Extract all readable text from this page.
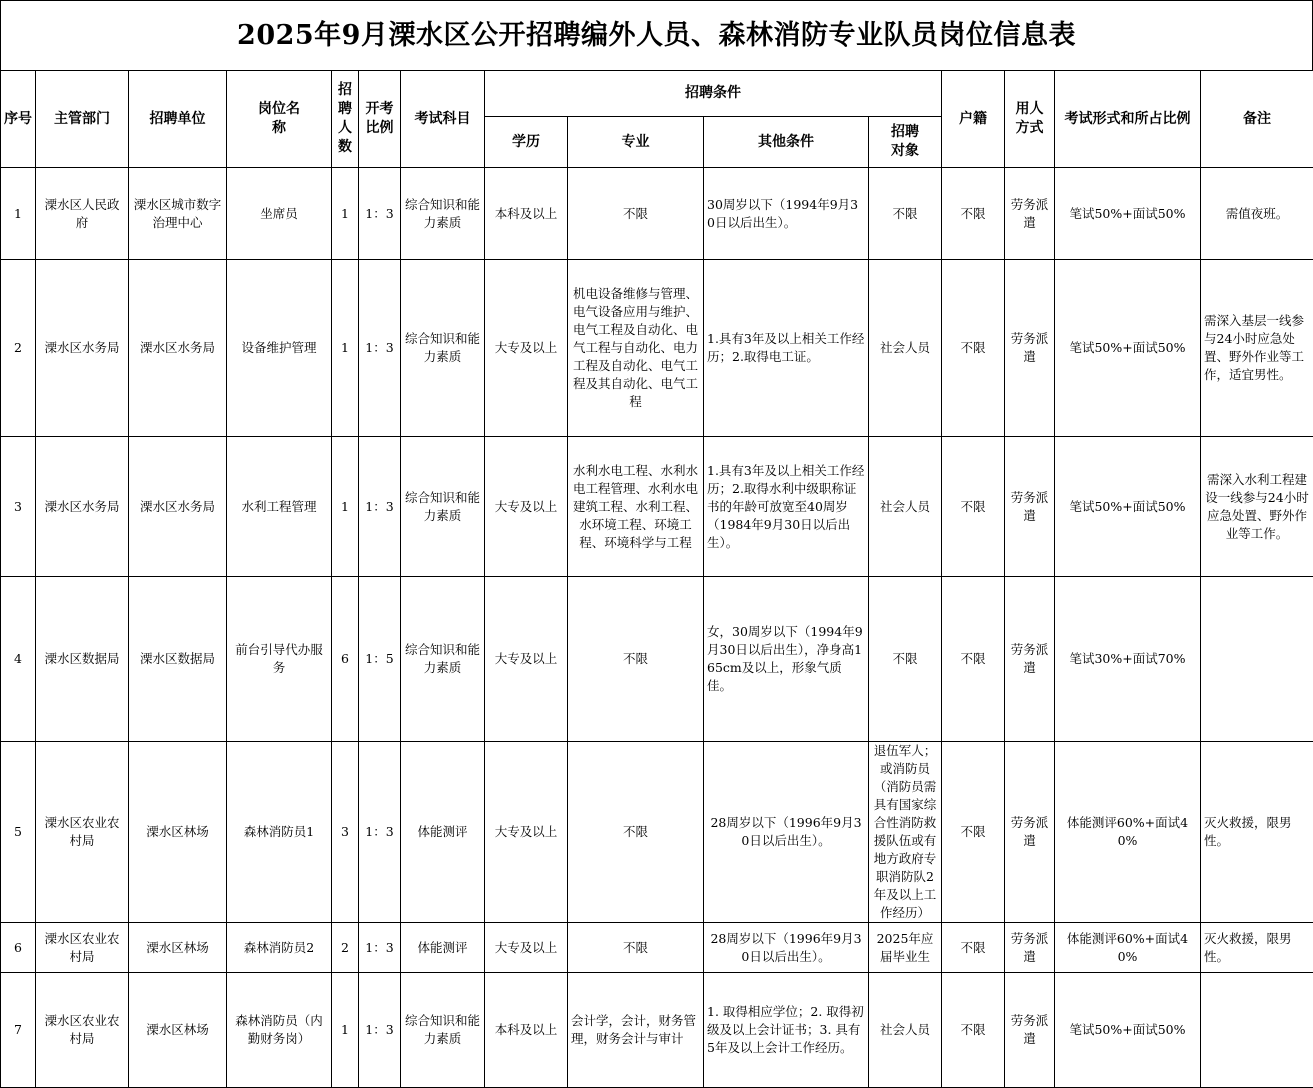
2025年9月溧水区公开招聘编外人员、森林消防专业队员岗位信息表
序号	主管部门	招聘单位	岗位名称	招聘人数	开考比例	考试科目	招聘条件				户籍	用人方式	考试形式和所占比例	备注
							学历	专业	其他条件	招聘对象				
1	溧水区人民政府	溧水区城市数字治理中心	坐席员	1	1：3	综合知识和能力素质	本科及以上	不限	30周岁以下（1994年9月30日以后出生）。	不限	不限	劳务派遣	笔试50%+面试50%	需值夜班。
2	溧水区水务局	溧水区水务局	设备维护管理	1	1：3	综合知识和能力素质	大专及以上	机电设备维修与管理、电气设备应用与维护、电气工程及自动化、电气工程与自动化、电力工程及自动化、电气工程及其自动化、电气工程	1.具有3年及以上相关工作经历；2.取得电工证。	社会人员	不限	劳务派遣	笔试50%+面试50%	需深入基层一线参与24小时应急处置、野外作业等工作，适宜男性。
3	溧水区水务局	溧水区水务局	水利工程管理	1	1：3	综合知识和能力素质	大专及以上	水利水电工程、水利水电工程管理、水利水电建筑工程、水利工程、水环境工程、环境工程、环境科学与工程	1.具有3年及以上相关工作经历；2.取得水利中级职称证书的年龄可放宽至40周岁（1984年9月30日以后出生）。	社会人员	不限	劳务派遣	笔试50%+面试50%	需深入水利工程建设一线参与24小时应急处置、野外作业等工作。
4	溧水区数据局	溧水区数据局	前台引导代办服务	6	1：5	综合知识和能力素质	大专及以上	不限	女，30周岁以下（1994年9月30日以后出生），净身高165cm及以上，形象气质佳。	不限	不限	劳务派遣	笔试30%+面试70%	
5	溧水区农业农村局	溧水区林场	森林消防员1	3	1：3	体能测评	大专及以上	不限	28周岁以下（1996年9月30日以后出生）。	退伍军人；或消防员（消防员需具有国家综合性消防救援队伍或有地方政府专职消防队2年及以上工作经历）	不限	劳务派遣	体能测评60%+面试40%	灭火救援，限男性。
6	溧水区农业农村局	溧水区林场	森林消防员2	2	1：3	体能测评	大专及以上	不限	28周岁以下（1996年9月30日以后出生）。	2025年应届毕业生	不限	劳务派遣	体能测评60%+面试40%	灭火救援，限男性。
7	溧水区农业农村局	溧水区林场	森林消防员（内勤财务岗）	1	1：3	综合知识和能力素质	本科及以上	会计学，会计，财务管理，财务会计与审计	1. 取得相应学位；2. 取得初级及以上会计证书；3. 具有5年及以上会计工作经历。	社会人员	不限	劳务派遣	笔试50%+面试50%	
